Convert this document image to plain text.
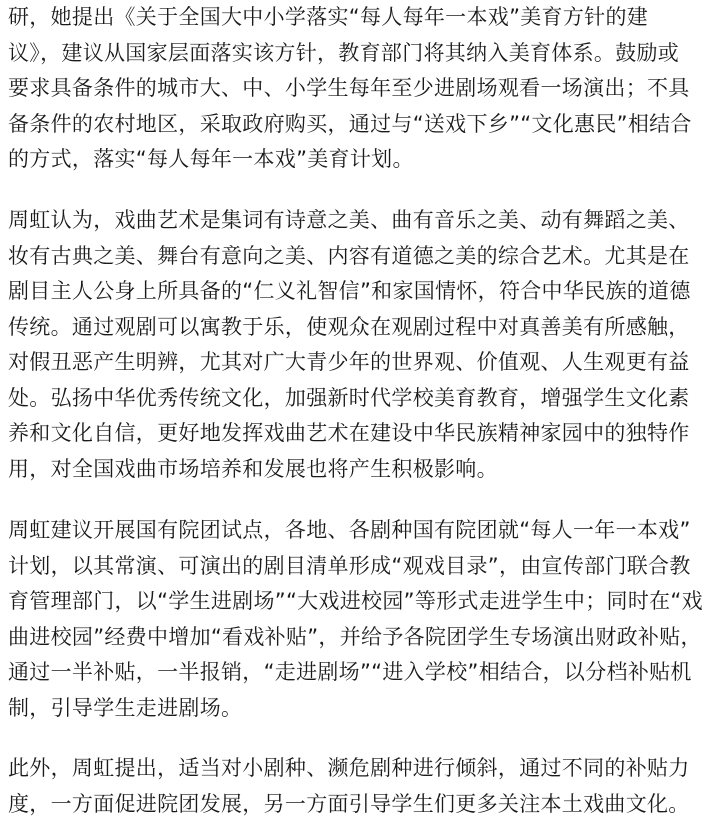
研，她提出《关于全国大中小学落实“每人每年一本戏”美育方针的建
议》，建议从国家层面落实该方针，教育部门将其纳入美育体系。鼓励或
要求具备条件的城市大、中、小学生每年至少进剧场观看一场演出；不具
备条件的农村地区，采取政府购买，通过与“送戏下乡”“文化惠民”相结合
的方式，落实“每人每年一本戏”美育计划。

周虹认为，戏曲艺术是集词有诗意之美、曲有音乐之美、动有舞蹈之美、
妆有古典之美、舞台有意向之美、内容有道德之美的综合艺术。尤其是在
剧目主人公身上所具备的“仁义礼智信”和家国情怀，符合中华民族的道德
传统。通过观剧可以寓教于乐，使观众在观剧过程中对真善美有所感触，
对假丑恶产生明辨，尤其对广大青少年的世界观、价值观、人生观更有益
处。弘扬中华优秀传统文化，加强新时代学校美育教育，增强学生文化素
养和文化自信，更好地发挥戏曲艺术在建设中华民族精神家园中的独特作
用，对全国戏曲市场培养和发展也将产生积极影响。

周虹建议开展国有院团试点，各地、各剧种国有院团就“每人一年一本戏”
计划，以其常演、可演出的剧目清单形成“观戏目录”，由宣传部门联合教
育管理部门，以“学生进剧场”“大戏进校园”等形式走进学生中；同时在“戏
曲进校园”经费中增加“看戏补贴”，并给予各院团学生专场演出财政补贴，
通过一半补贴，一半报销，“走进剧场”“进入学校”相结合，以分档补贴机
制，引导学生走进剧场。

此外，周虹提出，适当对小剧种、濒危剧种进行倾斜，通过不同的补贴力
度，一方面促进院团发展，另一方面引导学生们更多关注本土戏曲文化。
